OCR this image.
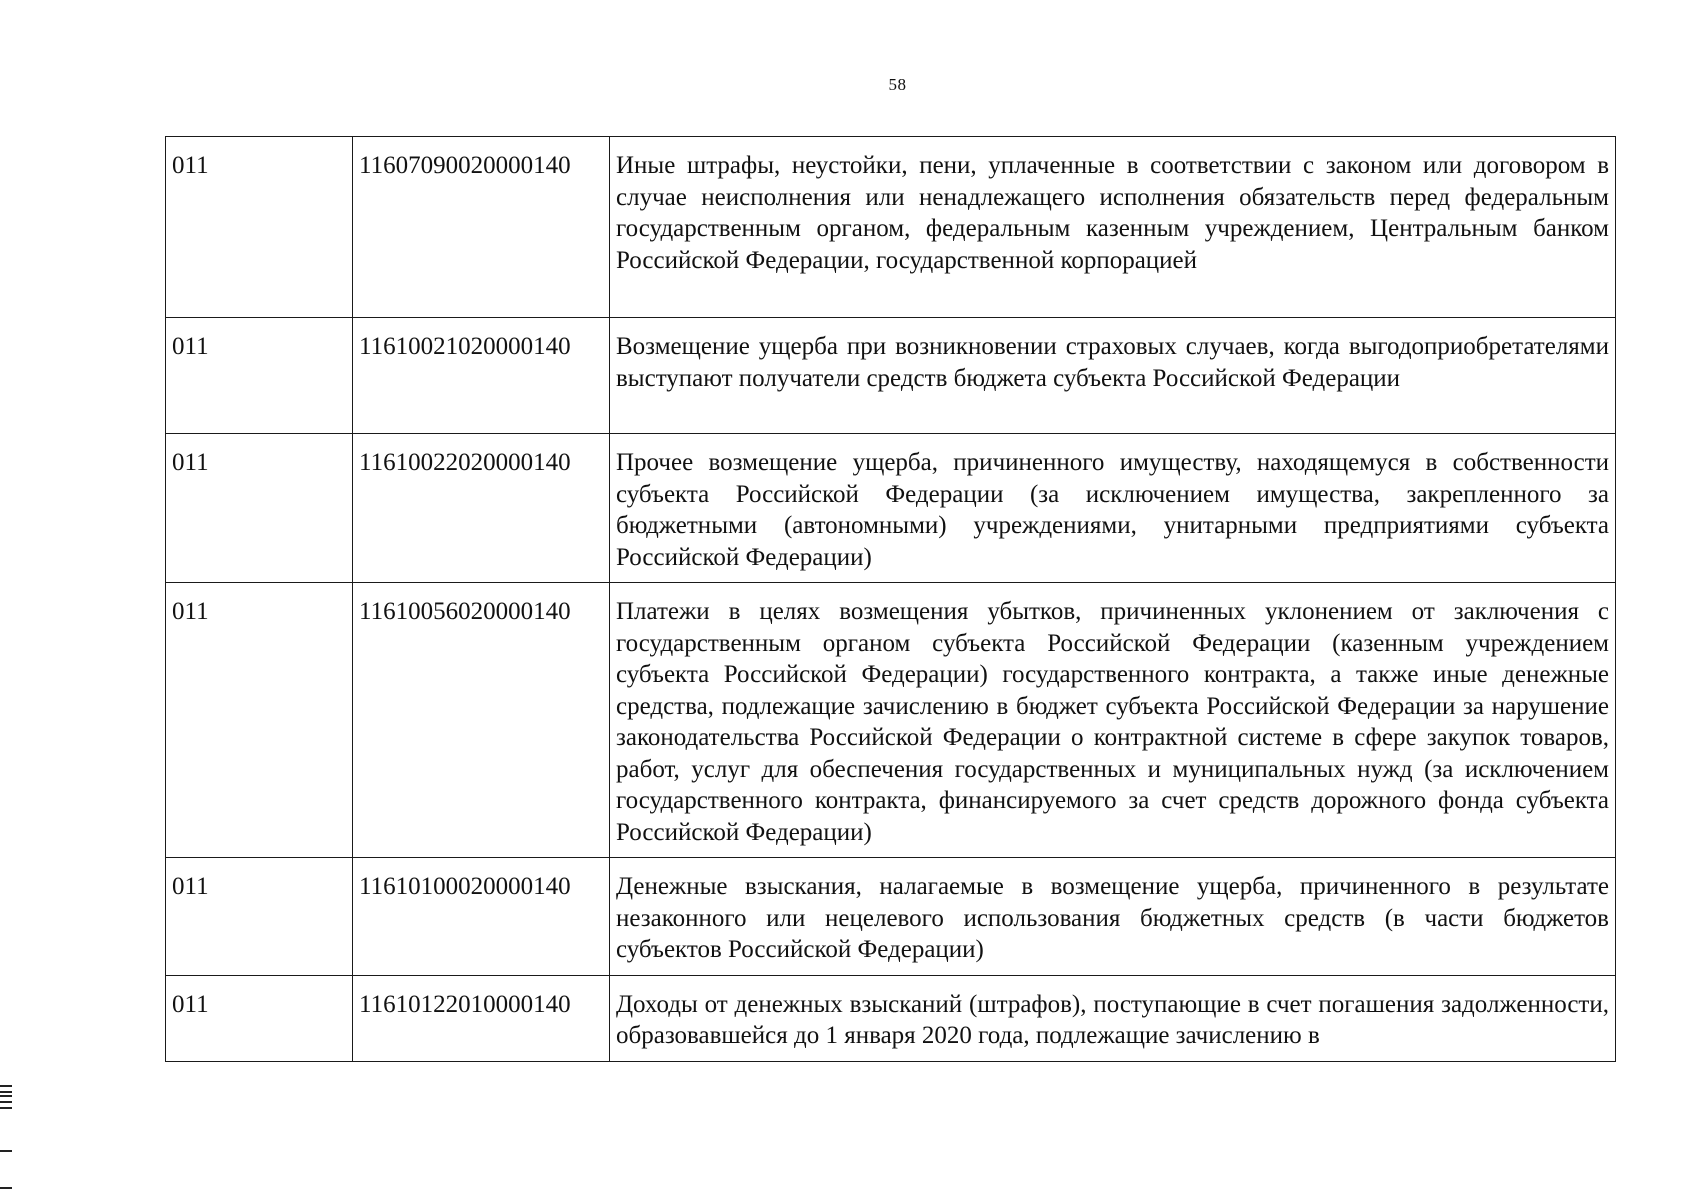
58
011	11607090020000140	Иные штрафы, неустойки, пени, уплаченные в соответствии с законом или договором в случае неисполнения или ненадлежащего исполнения обязательств перед федеральным государственным органом, федеральным казенным учреждением, Центральным банком Российской Федерации, государственной корпорацией
011	11610021020000140	Возмещение ущерба при возникновении страховых случаев, когда выгодоприобретателями выступают получатели средств бюджета субъекта Российской Федерации
011	11610022020000140	Прочее возмещение ущерба, причиненного имуществу, находящемуся в собственности субъекта Российской Федерации (за исключением имущества, закрепленного за бюджетными (автономными) учреждениями, унитарными предприятиями субъекта Российской Федерации)
011	11610056020000140	Платежи в целях возмещения убытков, причиненных уклонением от заключения с государственным органом субъекта Российской Федерации (казенным учреждением субъекта Российской Федерации) государственного контракта, а также иные денежные средства, подлежащие зачислению в бюджет субъекта Российской Федерации за нарушение законодательства Российской Федерации о контрактной системе в сфере закупок товаров, работ, услуг для обеспечения государственных и муниципальных нужд (за исключением государственного контракта, финансируемого за счет средств дорожного фонда субъекта Российской Федерации)
011	11610100020000140	Денежные взыскания, налагаемые в возмещение ущерба, причиненного в результате незаконного или нецелевого использования бюджетных средств (в части бюджетов субъектов Российской Федерации)
011	11610122010000140	Доходы от денежных взысканий (штрафов), поступающие в счет погашения задолженности, образовавшейся до 1 января 2020 года, подлежащие зачислению в
